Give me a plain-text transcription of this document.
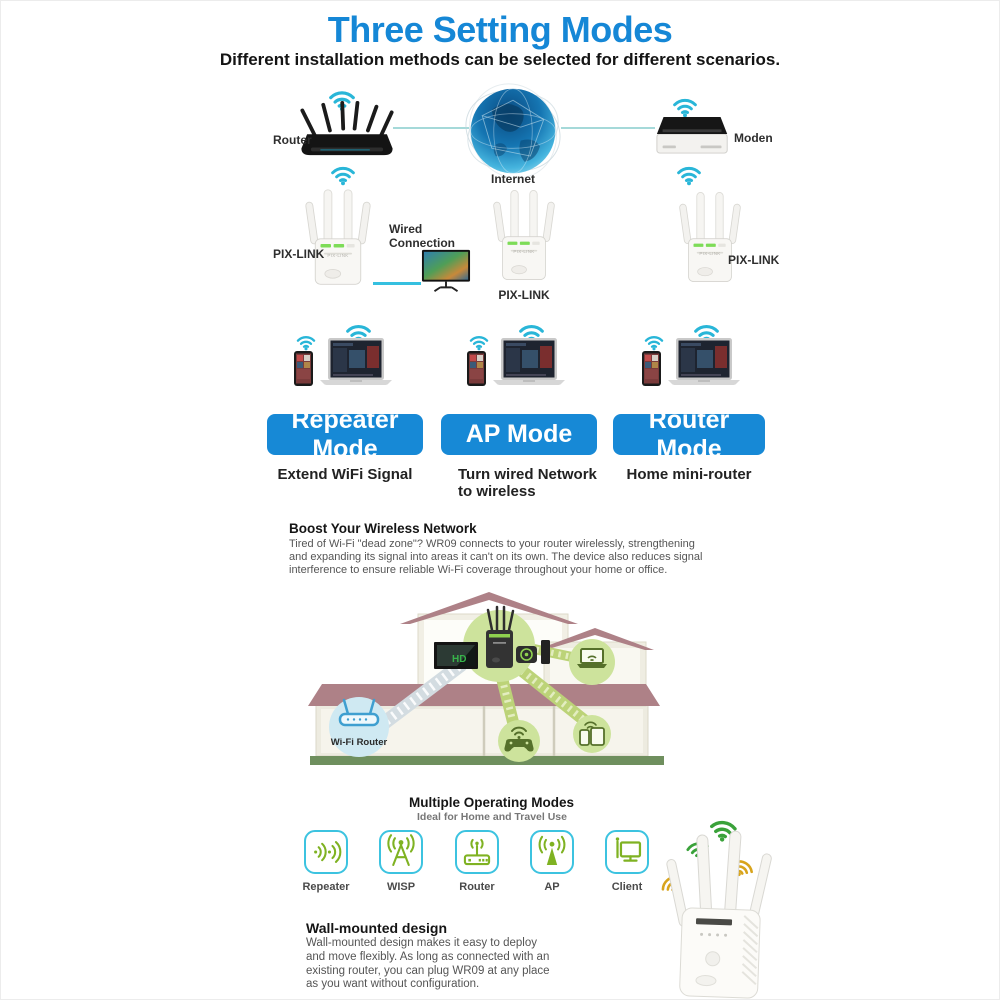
Three Setting Modes
Different installation methods can be selected for different scenarios.
Router
Internet
Moden
PIX-LINK
PIX-LINK
Wired Connection
PIX-LINK
PIX-LINK
PIX-LINK PIX-LINK
Repeater Mode
AP Mode
Router Mode
Extend WiFi Signal	Turn wired Network to wireless
Home mini-router
Boost Your Wireless Network
Tired of Wi-Fi "dead zone"? WR09 connects to your router wirelessly, strengthening and expanding its signal into areas it can't on its own. The device also reduces signal interference to ensure reliable Wi-Fi coverage throughout your home or office.
HD
Wi-Fi Router
Multiple Operating Modes
Ideal for Home and Travel Use
Repeater	WISP	Router	AP	Client
Wall-mounted design
Wall-mounted design makes it easy to deploy and move flexibly. As long as connected with an existing router, you can plug WR09 at any place as you want without configuration.
